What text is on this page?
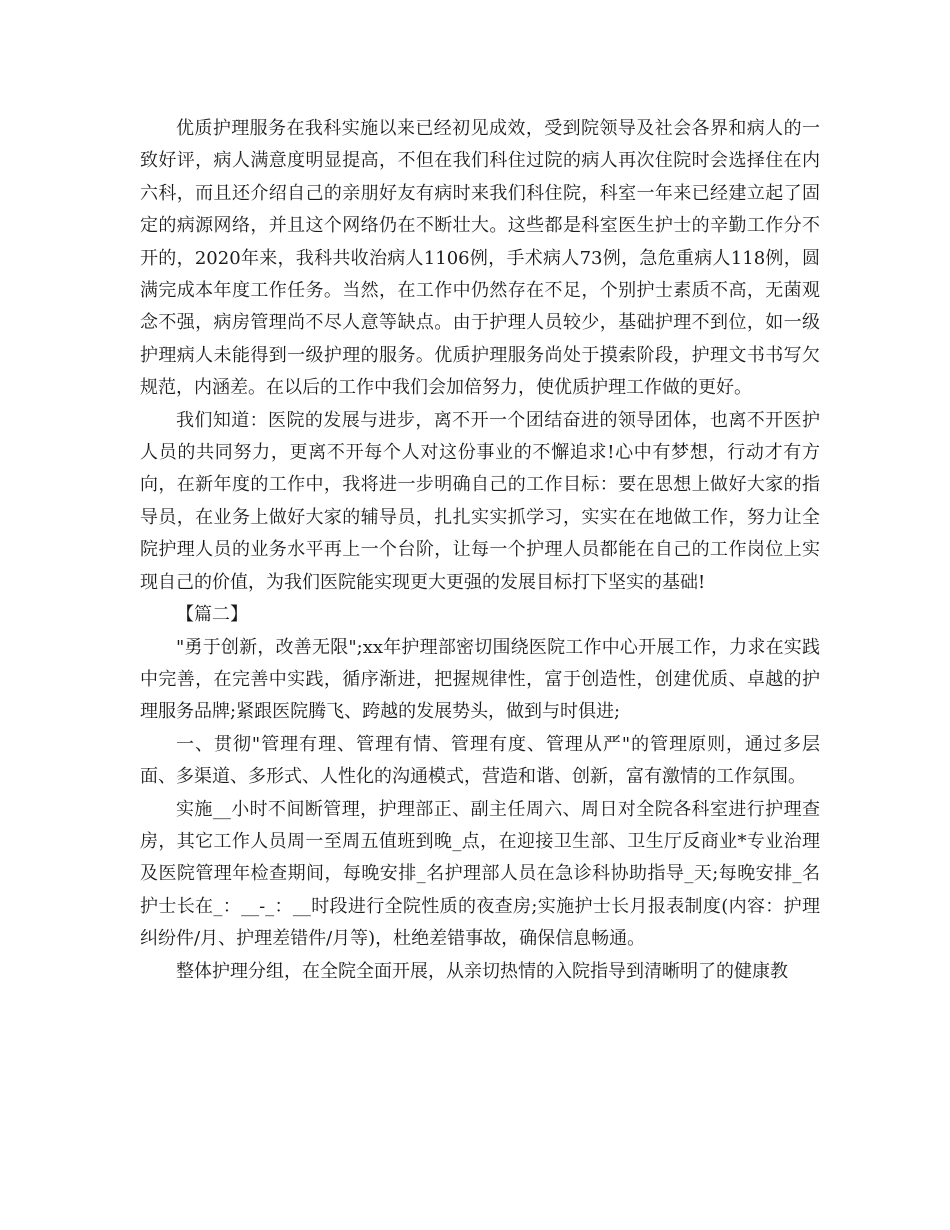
优质护理服务在我科实施以来已经初见成效，受到院领导及社会各界和病人的一致好评，病人满意度明显提高，不但在我们科住过院的病人再次住院时会选择住在内六科，而且还介绍自己的亲朋好友有病时来我们科住院，科室一年来已经建立起了固定的病源网络，并且这个网络仍在不断壮大。这些都是科室医生护士的辛勤工作分不开的，2020年来，我科共收治病人1106例，手术病人73例，急危重病人118例，圆满完成本年度工作任务。当然，在工作中仍然存在不足，个别护士素质不高，无菌观念不强，病房管理尚不尽人意等缺点。由于护理人员较少，基础护理不到位，如一级护理病人未能得到一级护理的服务。优质护理服务尚处于摸索阶段，护理文书书写欠规范，内涵差。在以后的工作中我们会加倍努力，使优质护理工作做的更好。

我们知道：医院的发展与进步，离不开一个团结奋进的领导团体，也离不开医护人员的共同努力，更离不开每个人对这份事业的不懈追求!心中有梦想，行动才有方向，在新年度的工作中，我将进一步明确自己的工作目标：要在思想上做好大家的指导员，在业务上做好大家的辅导员，扎扎实实抓学习，实实在在地做工作，努力让全院护理人员的业务水平再上一个台阶，让每一个护理人员都能在自己的工作岗位上实现自己的价值，为我们医院能实现更大更强的发展目标打下坚实的基础!

【篇二】

"勇于创新，改善无限";xx年护理部密切围绕医院工作中心开展工作，力求在实践中完善，在完善中实践，循序渐进，把握规律性，富于创造性，创建优质、卓越的护理服务品牌;紧跟医院腾飞、跨越的发展势头，做到与时俱进;

一、贯彻"管理有理、管理有情、管理有度、管理从严"的管理原则，通过多层面、多渠道、多形式、人性化的沟通模式，营造和谐、创新，富有激情的工作氛围。

实施__小时不间断管理，护理部正、副主任周六、周日对全院各科室进行护理查房，其它工作人员周一至周五值班到晚_点，在迎接卫生部、卫生厅反商业*专业治理及医院管理年检查期间，每晚安排_名护理部人员在急诊科协助指导_天;每晚安排_名护士长在_：__-_：__时段进行全院性质的夜查房;实施护士长月报表制度(内容：护理纠纷件/月、护理差错件/月等)，杜绝差错事故，确保信息畅通。

整体护理分组，在全院全面开展，从亲切热情的入院指导到清晰明了的健康教
